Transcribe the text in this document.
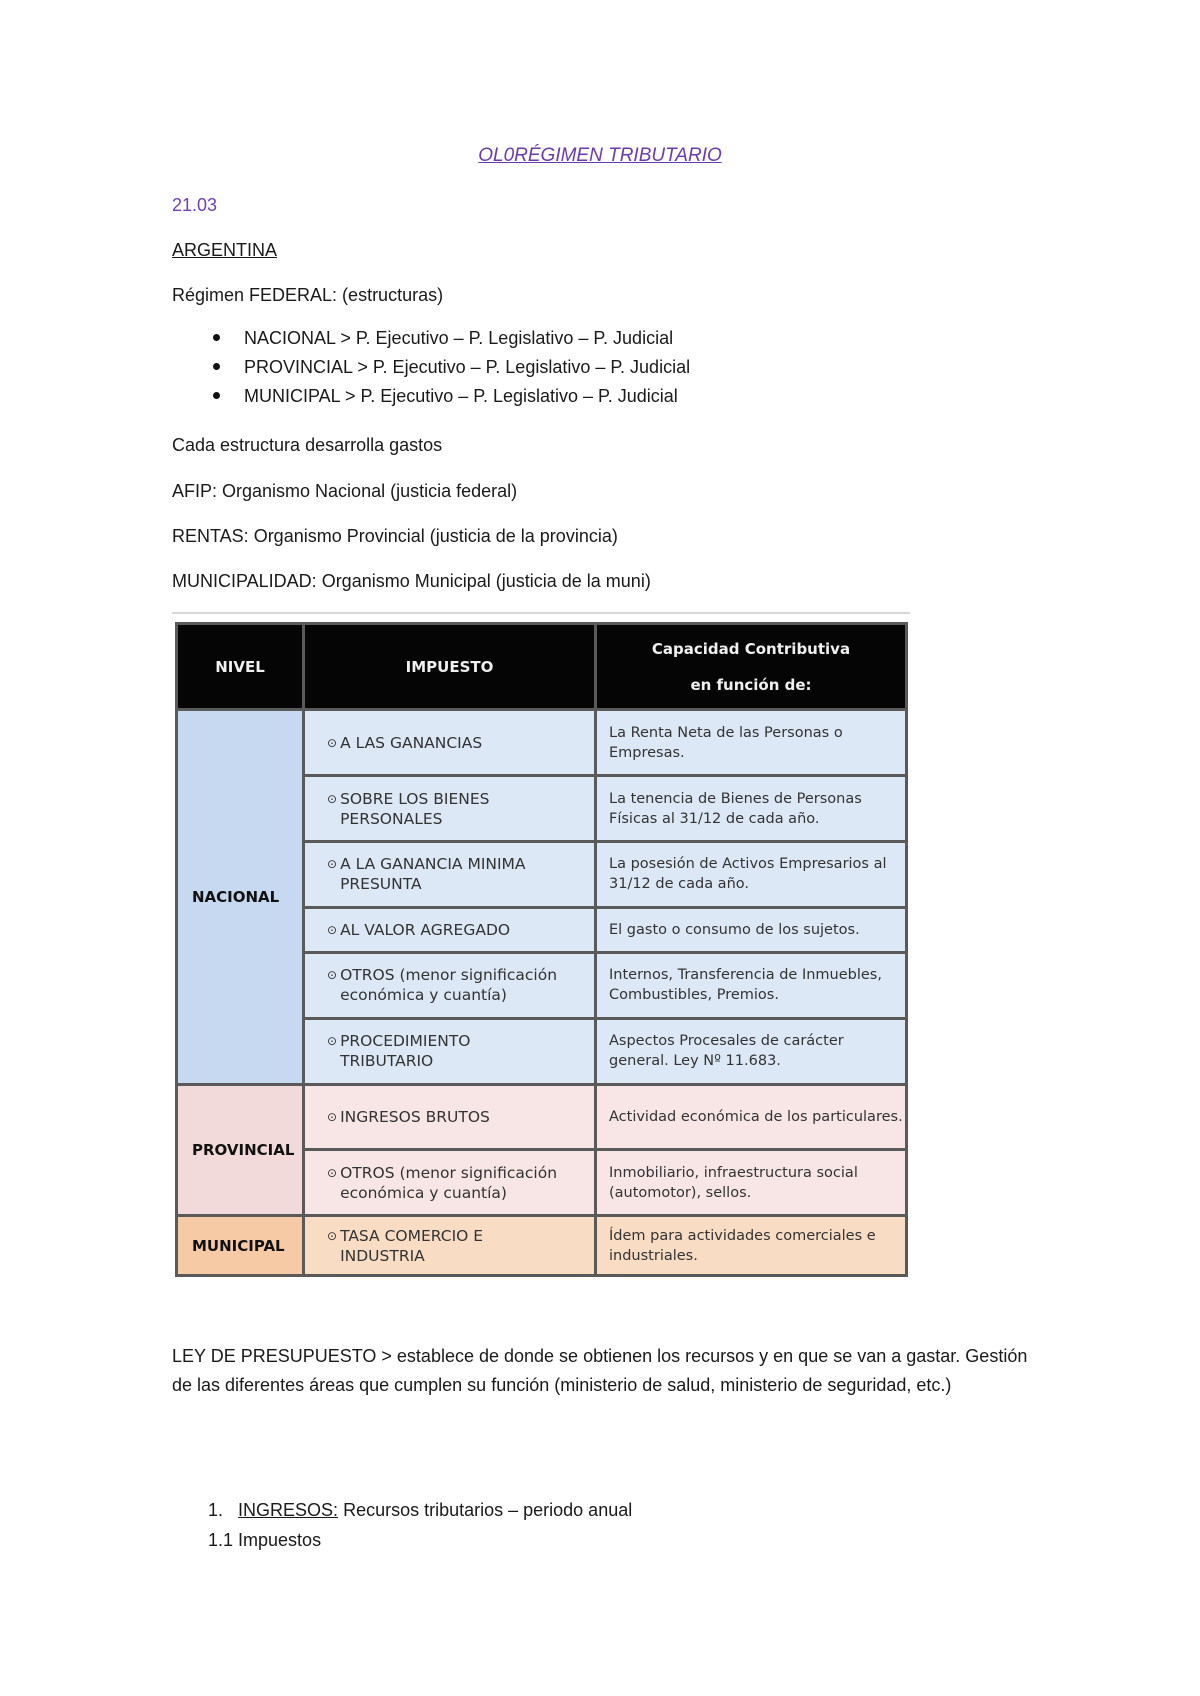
OL0RÉGIMEN TRIBUTARIO
21.03
ARGENTINA
Régimen FEDERAL: (estructuras)
NACIONAL > P. Ejecutivo – P. Legislativo – P. Judicial
PROVINCIAL > P. Ejecutivo – P. Legislativo – P. Judicial
MUNICIPAL > P. Ejecutivo – P. Legislativo – P. Judicial
Cada estructura desarrolla gastos
AFIP: Organismo Nacional (justicia federal)
RENTAS: Organismo Provincial (justicia de la provincia)
MUNICIPALIDAD: Organismo Municipal (justicia de la muni)
NIVEL	IMPUESTO	Capacidad Contributiva
en función de:
NACIONAL	⊙ A LAS GANANCIAS	La Renta Neta de las Personas o Empresas.
	⊙ SOBRE LOS BIENES PERSONALES	La tenencia de Bienes de Personas Físicas al 31/12 de cada año.
	⊙ A LA GANANCIA MINIMA PRESUNTA	La posesión de Activos Empresarios al 31/12 de cada año.
	⊙ AL VALOR AGREGADO	El gasto o consumo de los sujetos.
	⊙ OTROS (menor significación económica y cuantía)	Internos, Transferencia de Inmuebles, Combustibles, Premios.
	⊙ PROCEDIMIENTO TRIBUTARIO	Aspectos Procesales de carácter general. Ley Nº 11.683.
PROVINCIAL	⊙ INGRESOS BRUTOS	Actividad económica de los particulares.
	⊙ OTROS (menor significación económica y cuantía)	Inmobiliario, infraestructura social (automotor), sellos.
MUNICIPAL	⊙ TASA COMERCIO E INDUSTRIA	Ídem para actividades comerciales e industriales.
LEY DE PRESUPUESTO > establece de donde se obtienen los recursos y en que se van a gastar. Gestión de las diferentes áreas que cumplen su función (ministerio de salud, ministerio de seguridad, etc.)
1. INGRESOS: Recursos tributarios – periodo anual
1.1 Impuestos
